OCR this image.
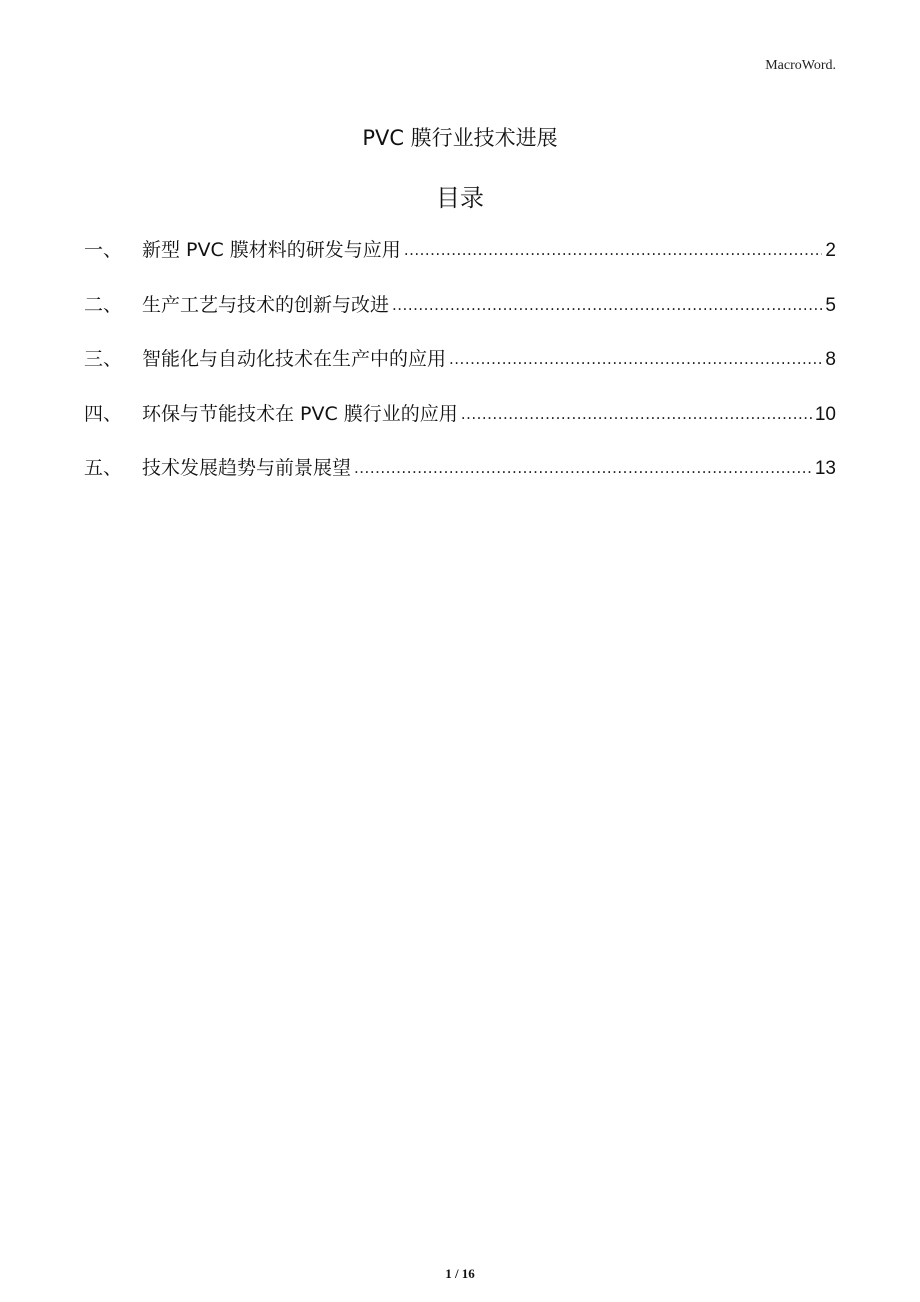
MacroWord.
PVC 膜行业技术进展
目录
一、	新型 PVC 膜材料的研发与应用 .....	2
二、	生产工艺与技术的创新与改进 .....	5
三、	智能化与自动化技术在生产中的应用 .....	8
四、	环保与节能技术在 PVC 膜行业的应用 .....	10
五、	技术发展趋势与前景展望 .....	13
1 / 16
